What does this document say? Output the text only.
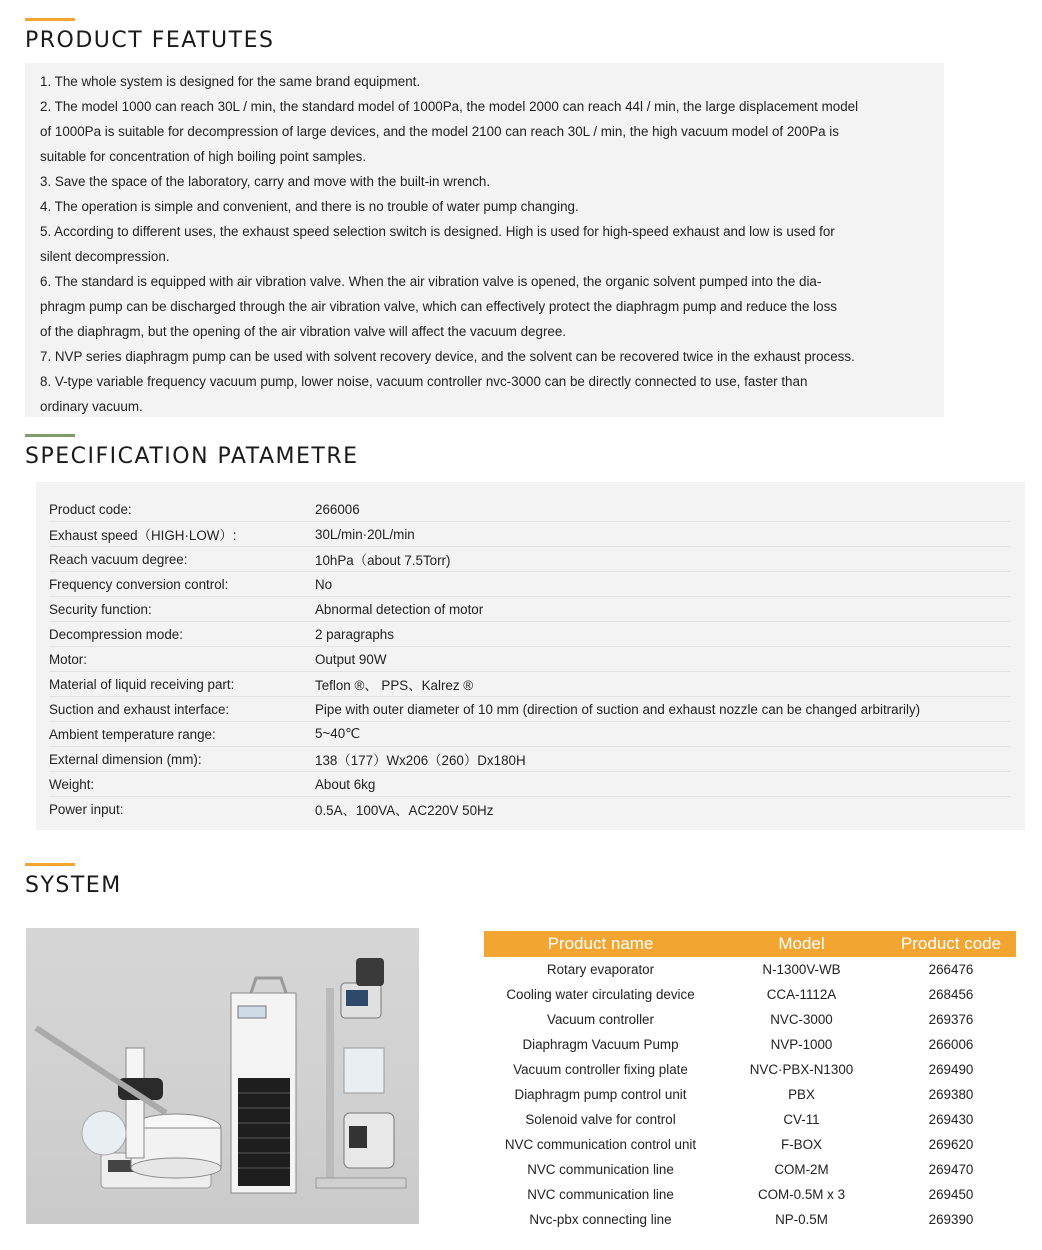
PRODUCT FEATUTES
1. The whole system is designed for the same brand equipment.
2. The model 1000 can reach 30L / min, the standard model of 1000Pa, the model 2000 can reach 44l / min, the large displacement model
of 1000Pa is suitable for decompression of large devices, and the model 2100 can reach 30L / min, the high vacuum model of 200Pa is
suitable for concentration of high boiling point samples.
3. Save the space of the laboratory, carry and move with the built-in wrench.
4. The operation is simple and convenient, and there is no trouble of water pump changing.
5. According to different uses, the exhaust speed selection switch is designed. High is used for high-speed exhaust and low is used for
silent decompression.
6. The standard is equipped with air vibration valve. When the air vibration valve is opened, the organic solvent pumped into the dia-
phragm pump can be discharged through the air vibration valve, which can effectively protect the diaphragm pump and reduce the loss
of the diaphragm, but the opening of the air vibration valve will affect the vacuum degree.
7. NVP series diaphragm pump can be used with solvent recovery device, and the solvent can be recovered twice in the exhaust process.
8. V-type variable frequency vacuum pump, lower noise, vacuum controller nvc-3000 can be directly connected to use, faster than
ordinary vacuum.
SPECIFICATION PATAMETRE
Product code:	266006
Exhaust speed（HIGH·LOW）:	30L/min·20L/min
Reach vacuum degree:	10hPa（about 7.5Torr)
Frequency conversion control:	No
Security function:	Abnormal detection of motor
Decompression mode:	2 paragraphs
Motor:	Output 90W
Material of liquid receiving part:	Teflon ®、 PPS、Kalrez ®
Suction and exhaust interface:	Pipe with outer diameter of 10 mm (direction of suction and exhaust nozzle can be changed arbitrarily)
Ambient temperature range:	5~40℃
External dimension (mm):	138（177）Wx206（260）Dx180H
Weight:	About 6kg
Power input:	0.5A、100VA、AC220V 50Hz
SYSTEM
Product name	Model	Product code
Rotary evaporator	N-1300V-WB	266476
Cooling water circulating device	CCA-1112A	268456
Vacuum controller	NVC-3000	269376
Diaphragm Vacuum Pump	NVP-1000	266006
Vacuum controller fixing plate	NVC·PBX-N1300	269490
Diaphragm pump control unit	PBX	269380
Solenoid valve for control	CV-11	269430
NVC communication control unit	F-BOX	269620
NVC communication line	COM-2M	269470
NVC communication line	COM-0.5M x 3	269450
Nvc-pbx connecting line	NP-0.5M	269390
